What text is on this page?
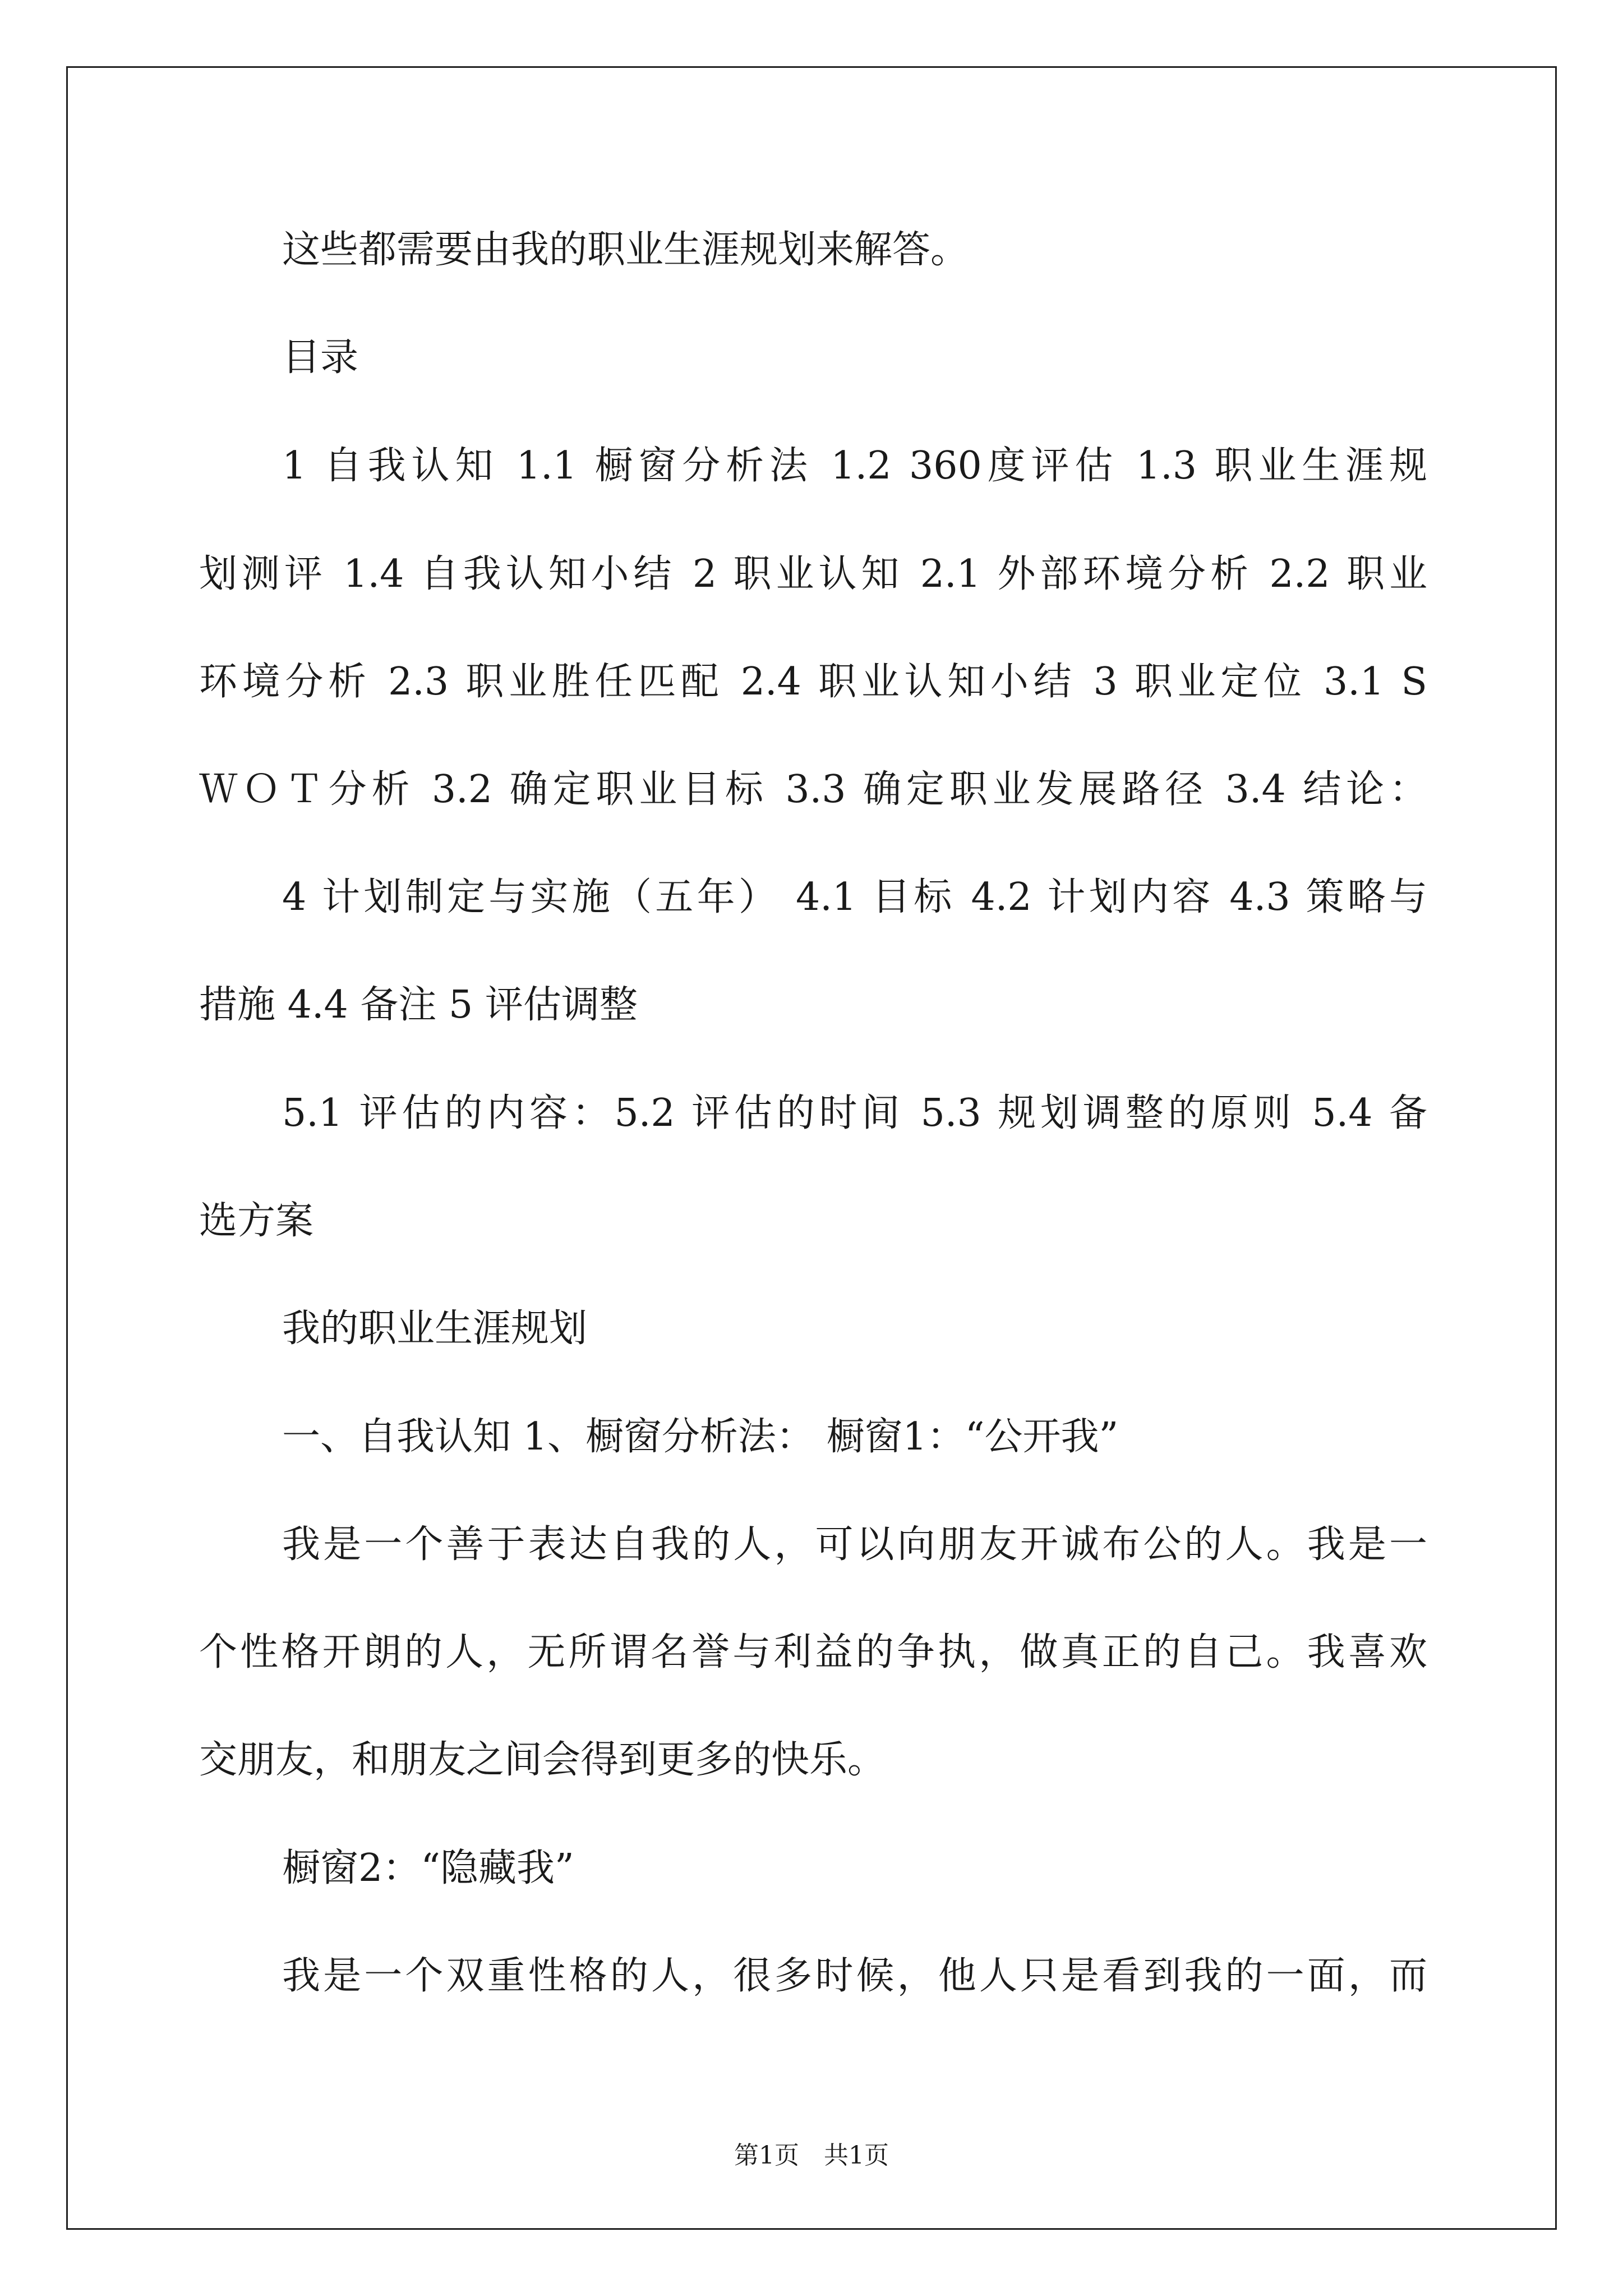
这些都需要由我的职业生涯规划来解答。
目录
1 自我认知 1.1 橱窗分析法 1.2 360度评估 1.3 职业生涯规
划测评 1.4 自我认知小结 2 职业认知 2.1 外部环境分析 2.2 职业
环境分析 2.3 职业胜任匹配 2.4 职业认知小结 3 职业定位 3.1 S
ＷＯＴ分析 3.2 确定职业目标 3.3 确定职业发展路径 3.4 结论：
4 计划制定与实施（五年） 4.1 目标 4.2 计划内容 4.3 策略与
措施 4.4 备注 5 评估调整
5.1 评估的内容：5.2 评估的时间 5.3 规划调整的原则 5.4 备
选方案
我的职业生涯规划
一、自我认知 1、橱窗分析法： 橱窗1：“公开我”
我是一个善于表达自我的人，可以向朋友开诚布公的人。我是一
个性格开朗的人，无所谓名誉与利益的争执，做真正的自己。我喜欢
交朋友，和朋友之间会得到更多的快乐。
橱窗2：“隐藏我”
我是一个双重性格的人，很多时候，他人只是看到我的一面，而
第1页　共1页
